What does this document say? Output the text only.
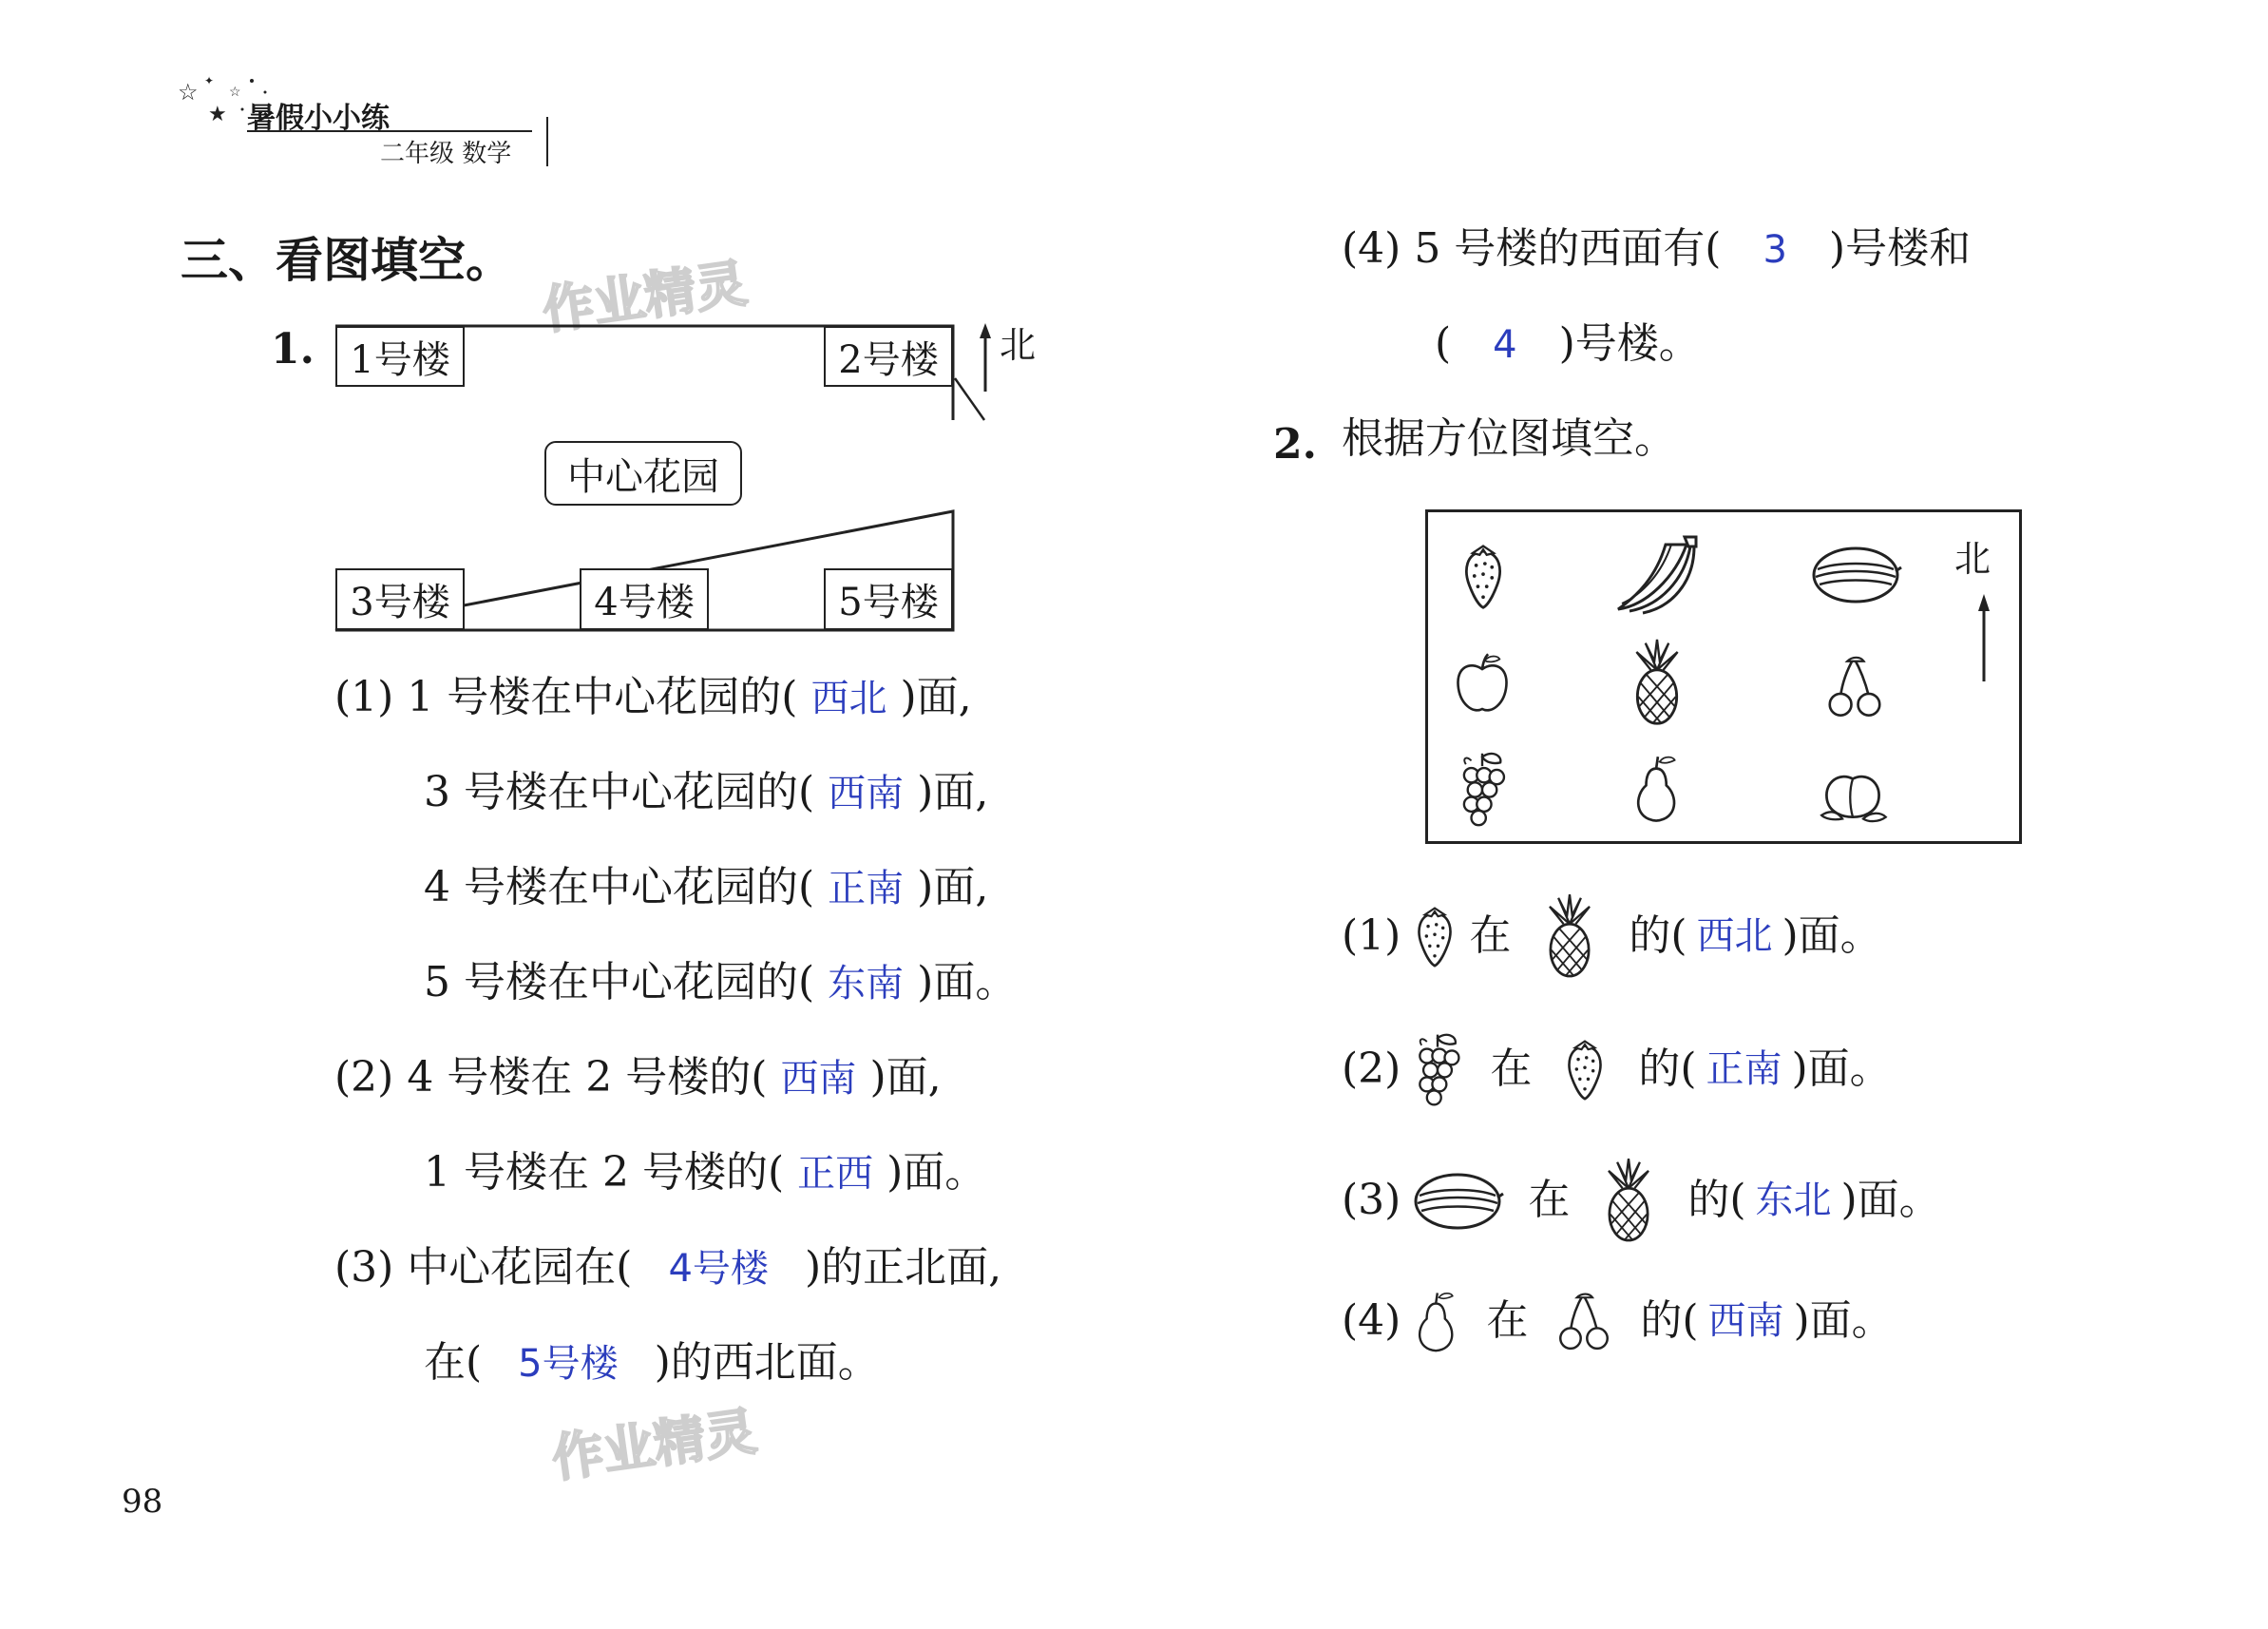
☆ ✦
★
☆
暑假小小练
二年级 数学
作业精灵
作业精灵
三、看图填空。
1.	北
1号楼	2号楼
3号楼	4号楼	5号楼
中心花园
(1) 1 号楼在中心花园的( 西北 )面,
3 号楼在中心花园的( 西南 )面,
4 号楼在中心花园的( 正南 )面,
5 号楼在中心花园的( 东南 )面。
(2) 4 号楼在 2 号楼的( 西南 )面,
1 号楼在 2 号楼的( 正西 )面。
(3) 中心花园在( 4号楼 )的正北面,
在( 5号楼 )的西北面。
(4) 5 号楼的西面有( 3 )号楼和
( 4 )号楼。
2. 根据方位图填空。
北
(1) 在	的( 西北 )面。
(2) 在	的( 正南 )面。
(3)	在	的( 东北 )面。
(4) 在	的( 西南 )面。
98
